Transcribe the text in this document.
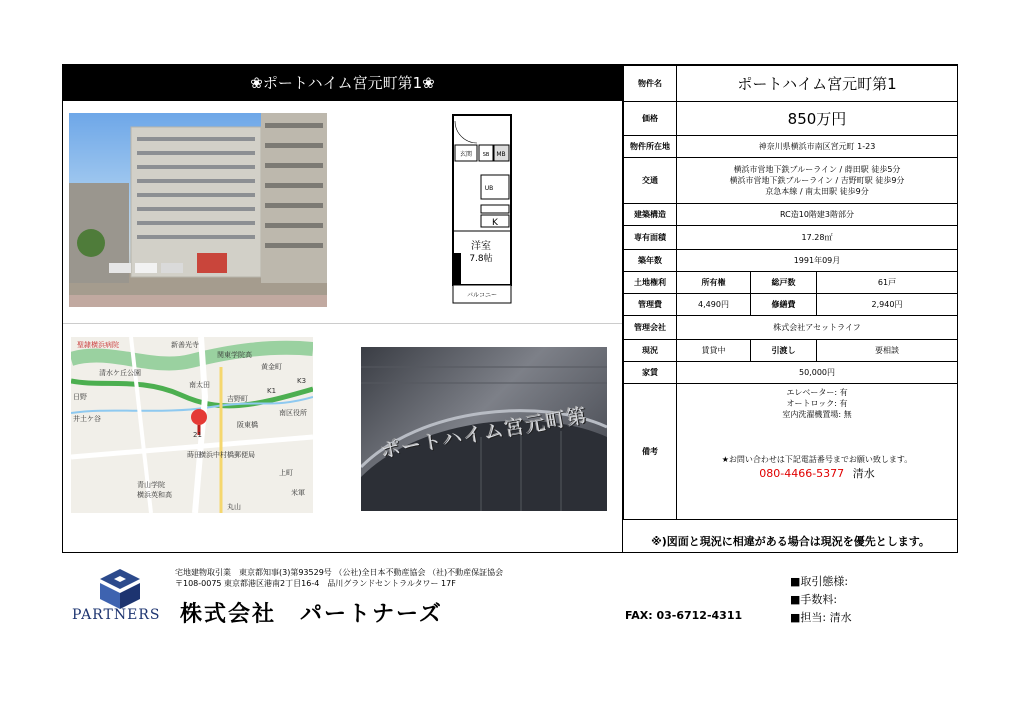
❀ポートハイム宮元町第1❀
玄関 SB MB
UB
K
洋室
7.8帖
バルコニー
聖隷横浜病院	新善光寺 関東学院高 清水ケ丘公園 黄金町 南太田 日野	吉野町 井土ケ谷 阪東橋 南区役所 蒔田 横浜中村橋郵便局 上町 青山学院 横浜英和高 丸山 米軍 K1 K3 21	ポートハイム宮元町第
物件名	ポートハイム宮元町第1		
価格	850万円		
物件所在地	神奈川県横浜市南区宮元町 1-23		
交通	横浜市営地下鉄ブルーライン / 蒔田駅 徒歩5分
横浜市営地下鉄ブルーライン / 吉野町駅 徒歩9分
京急本線 / 南太田駅 徒歩9分		

建築構造	RC造10階建3階部分		
専有面積	17.28㎡		
築年数	1991年09月		
土地権利	所有権	総戸数	61戸
管理費	4,490円	修繕費	2,940円
管理会社	株式会社アセットライフ		
現況	賃貸中	引渡し	要相談
家賃	50,000円		
備考	エレベーター: 有
オートロック: 有
室内洗濯機置場: 無
★お問い合わせは下記電話番号までお願い致します。
080-4466-5377 清水		
※)図面と現況に相違がある場合は現況を優先とします。
PARTNERS
宅地建物取引業　東京都知事(3)第93529号 （公社)全日本不動産協会 （社)不動産保証協会
〒108-0075 東京都港区港南2丁目16-4　品川グランドセントラルタワー 17F
株式会社　パートナーズ	FAX: 03-6712-4311
■取引態様:
■手数料:
■担当: 清水
